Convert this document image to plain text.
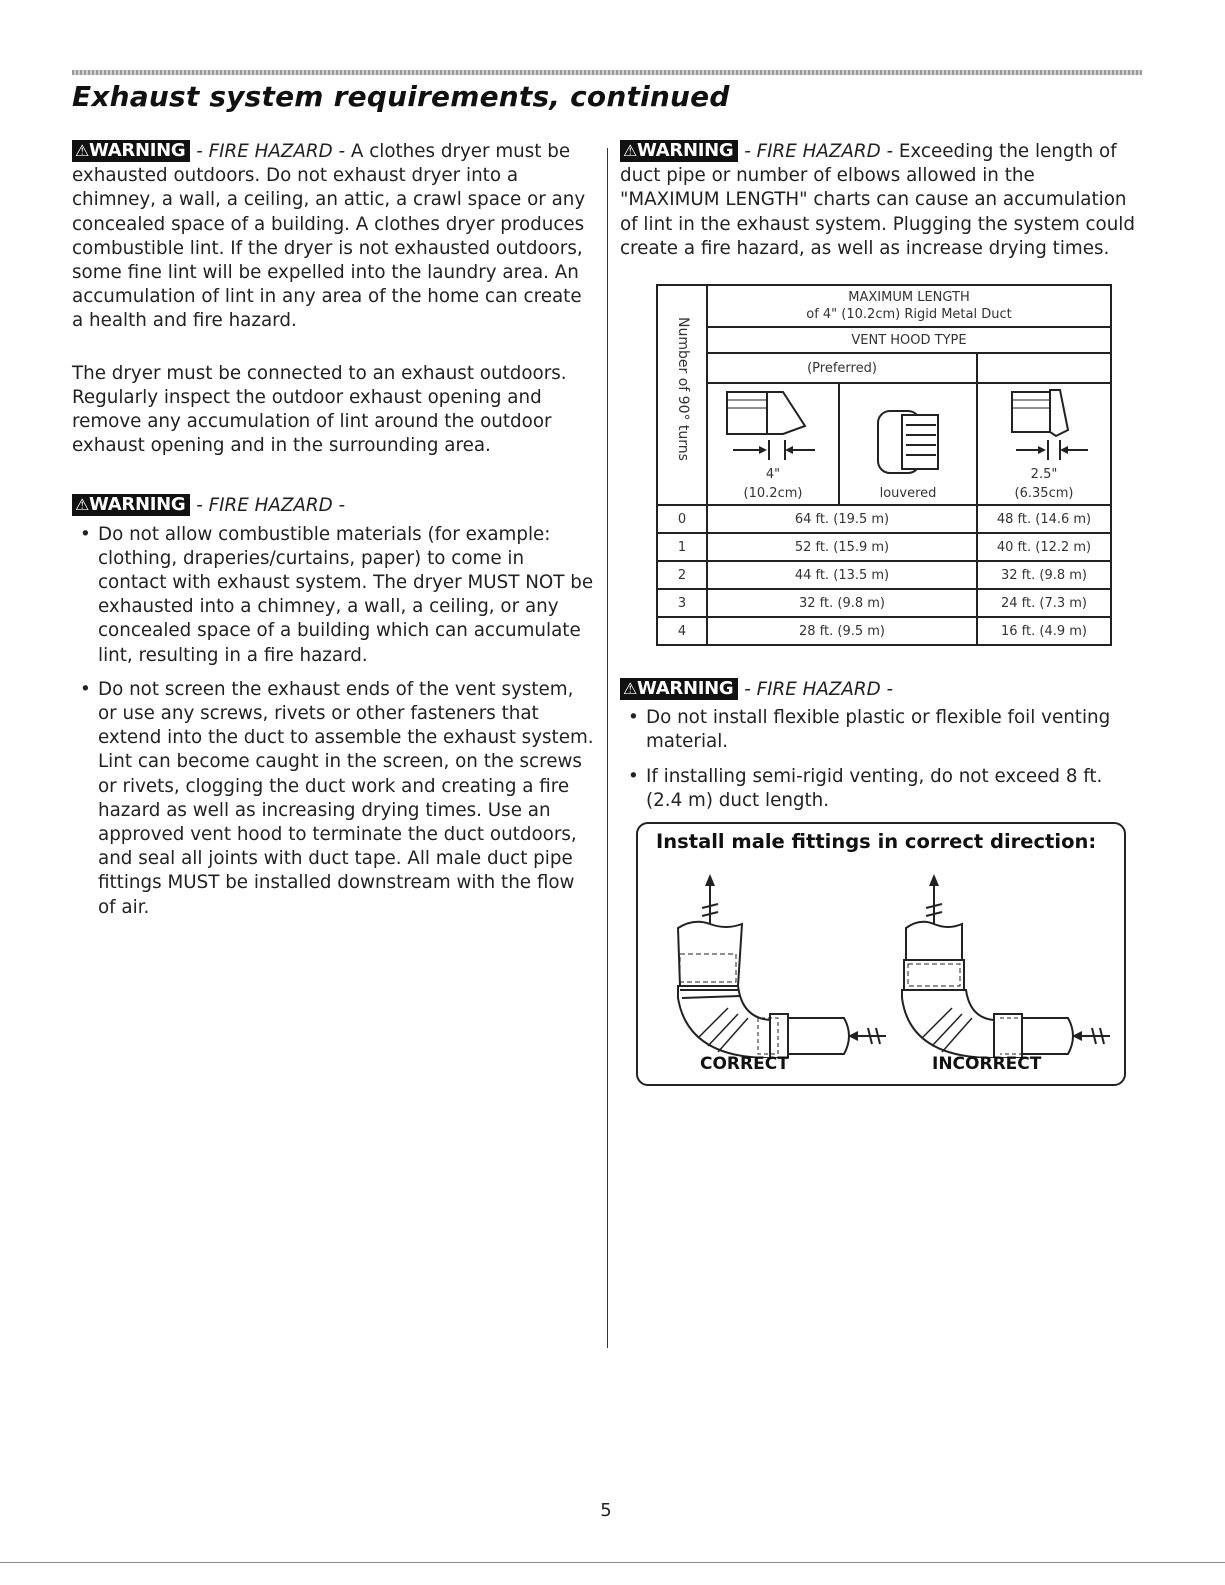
Exhaust system requirements, continued

⚠WARNING - FIRE HAZARD - A clothes dryer must be exhausted outdoors. Do not exhaust dryer into a chimney, a wall, a ceiling, an attic, a crawl space or any concealed space of a building. A clothes dryer produces combustible lint. If the dryer is not exhausted outdoors, some fine lint will be expelled into the laundry area. An accumulation of lint in any area of the home can create a health and fire hazard.

The dryer must be connected to an exhaust outdoors. Regularly inspect the outdoor exhaust opening and remove any accumulation of lint around the outdoor exhaust opening and in the surrounding area.

⚠WARNING - FIRE HAZARD -

• Do not allow combustible materials (for example: clothing, draperies/curtains, paper) to come in contact with exhaust system. The dryer MUST NOT be exhausted into a chimney, a wall, a ceiling, or any concealed space of a building which can accumulate lint, resulting in a fire hazard.
• Do not screen the exhaust ends of the vent system, or use any screws, rivets or other fasteners that extend into the duct to assemble the exhaust system. Lint can become caught in the screen, on the screws or rivets, clogging the duct work and creating a fire hazard as well as increasing drying times. Use an approved vent hood to terminate the duct outdoors, and seal all joints with duct tape. All male duct pipe fittings MUST be installed downstream with the flow of air.

⚠WARNING - FIRE HAZARD - Exceeding the length of duct pipe or number of elbows allowed in the "MAXIMUM LENGTH" charts can cause an accumulation of lint in the exhaust system. Plugging the system could create a fire hazard, as well as increase drying times.

Number of 90° turns	MAXIMUM LENGTH
of 4" (10.2cm) Rigid Metal Duct		

	VENT HOOD TYPE		
	(Preferred)		

	4"
(10.2cm)	louvered	2.5"
(6.35cm)

0	64 ft. (19.5 m)		48 ft. (14.6 m)
1	52 ft. (15.9 m)		40 ft. (12.2 m)
2	44 ft. (13.5 m)		32 ft. (9.8 m)
3	32 ft. (9.8 m)		24 ft. (7.3 m)
4	28 ft. (9.5 m)		16 ft. (4.9 m)

⚠WARNING - FIRE HAZARD -

• Do not install flexible plastic or flexible foil venting material.
• If installing semi-rigid venting, do not exceed 8 ft. (2.4 m) duct length.
Install male fittings in correct direction:
CORRECT	INCORRECT
5
